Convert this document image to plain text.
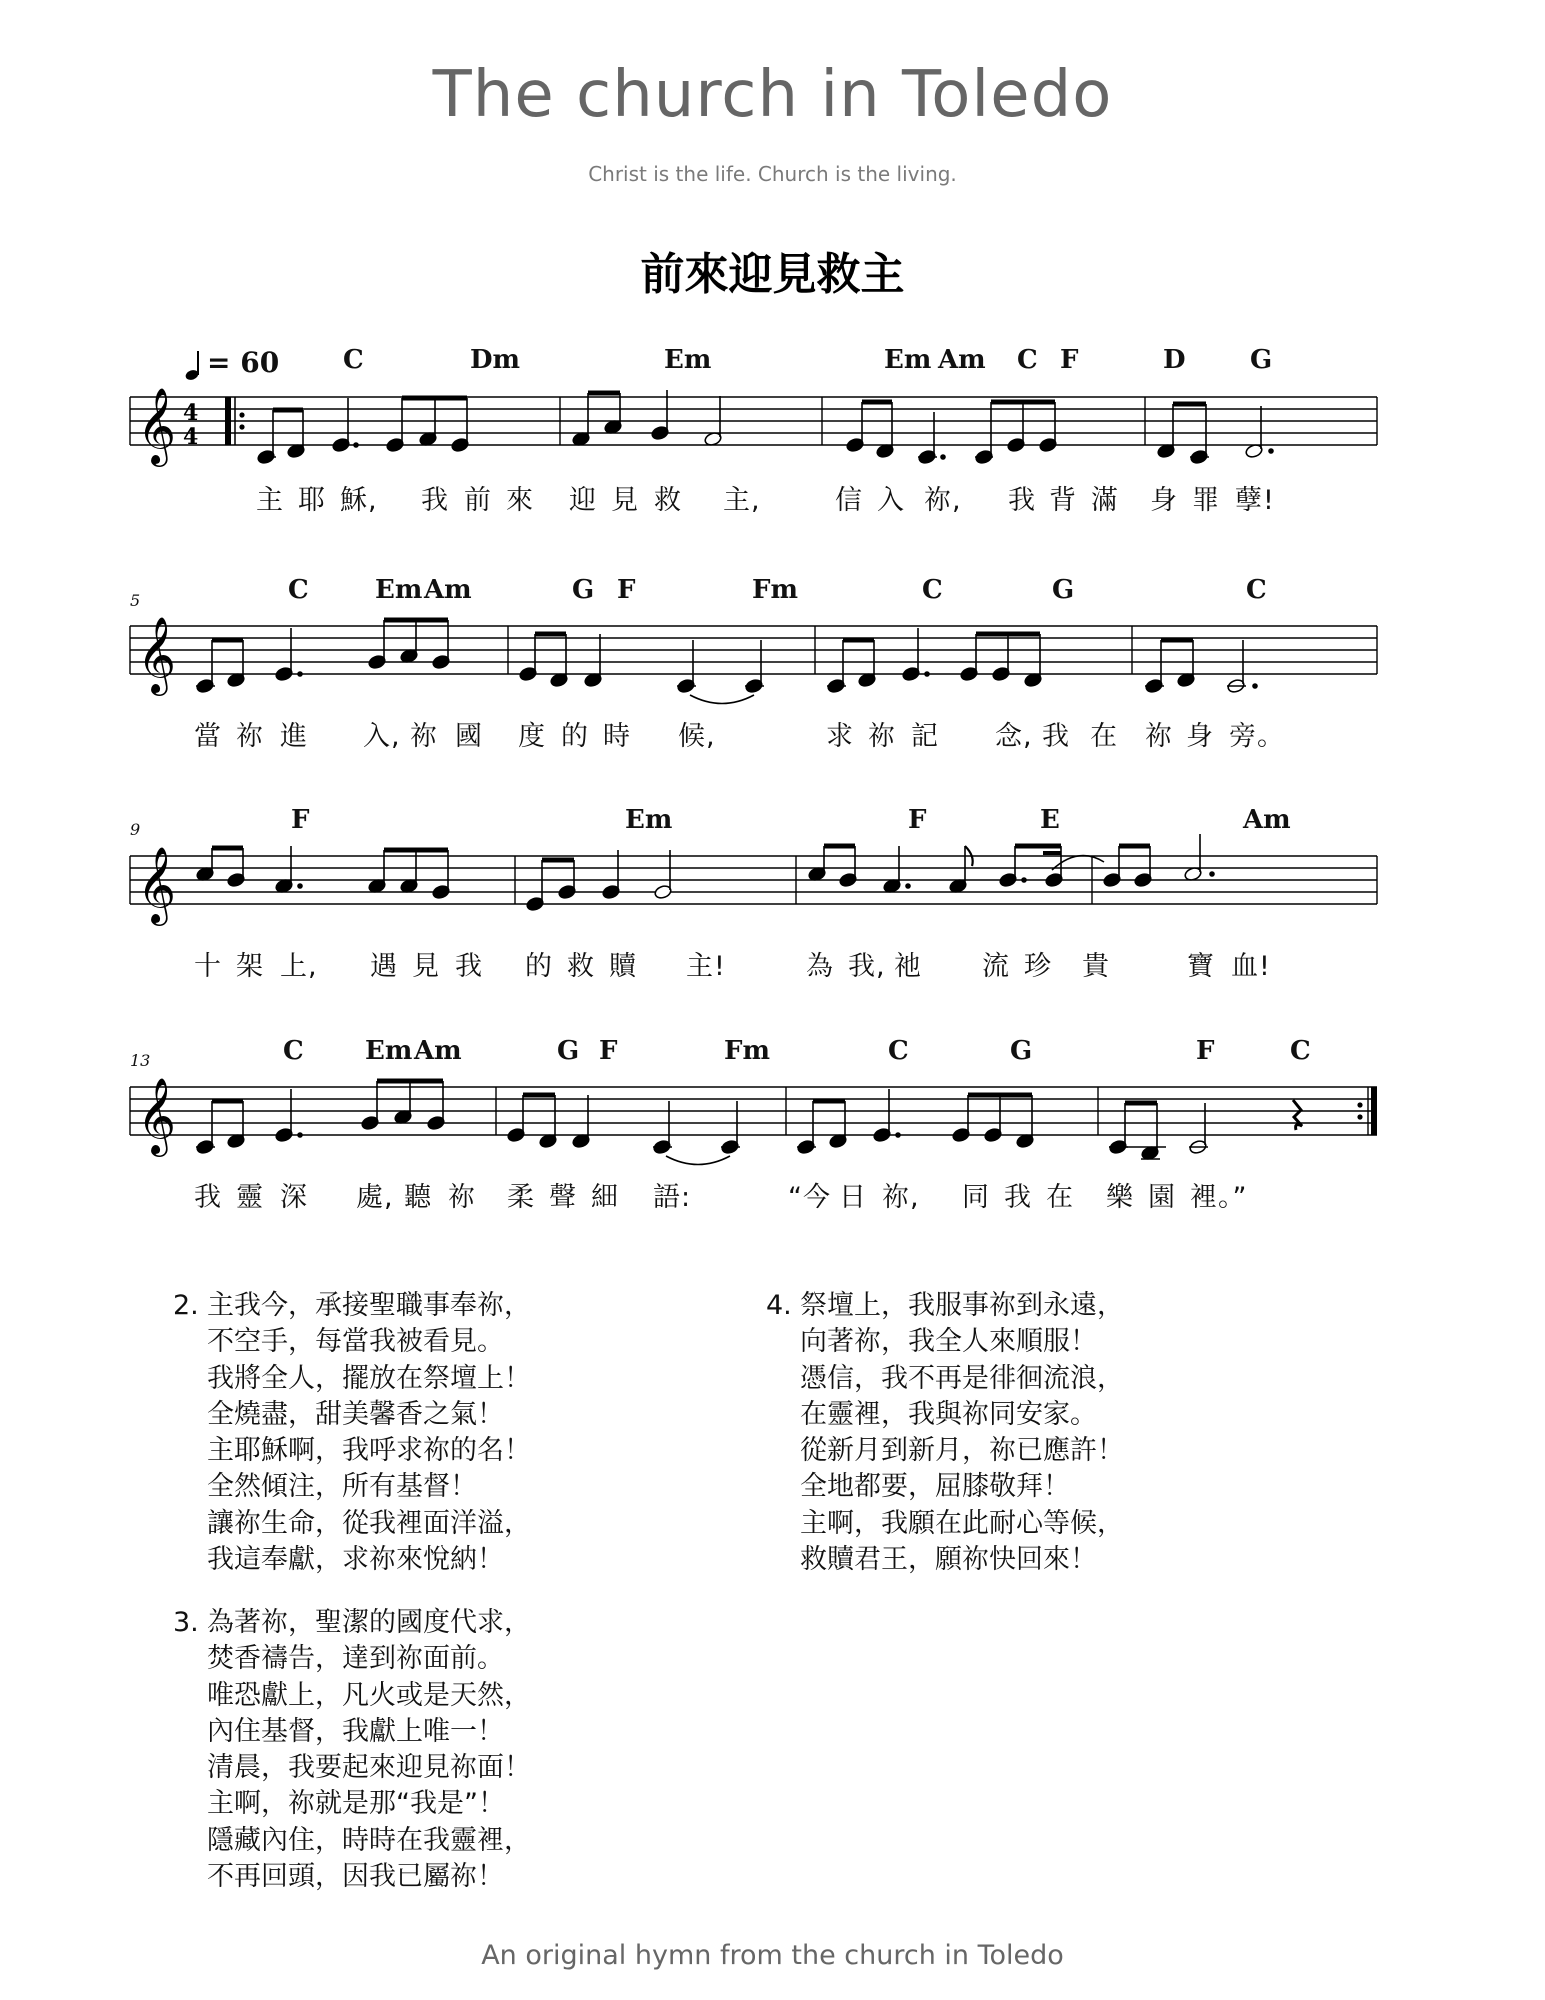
The church in Toledo
Christ is the life. Church is the living.
前來迎見救主
= 60
𝄞 4
4
C	Dm	Em	Em Am C F	D G
主 耶 穌, 我 前 來 迎 見 救 主,	信 入 祢, 我 背 滿 身 罪 孽!
𝄞
5	C	Em Am	G F	Fm	C	G	C
當 祢 進 入, 祢 國 度 的 時 候,	求 祢 記 念, 我 在 祢 身 旁。
𝄞
9	F	Em	F	E	Am
十 架 上, 遇 見 我 的 救 贖 主!	為 我, 祂 流 珍 貴	寶 血!
𝄞
13	C Em Am	G F	Fm	C	G	F	C
我 靈 深 處, 聽 祢 柔 聲 細 語:	“今 日 祢, 同 我 在 樂 園 裡。”
2. 主我今，承接聖職事奉祢，
不空手，每當我被看見。
我將全人，擺放在祭壇上！
全燒盡，甜美馨香之氣！
主耶穌啊，我呼求祢的名！
全然傾注，所有基督！
讓祢生命，從我裡面洋溢，
我這奉獻，求祢來悅納！
3. 為著祢，聖潔的國度代求，
焚香禱告，達到祢面前。
唯恐獻上，凡火或是天然，
內住基督，我獻上唯一！
清晨，我要起來迎見祢面！
主啊，祢就是那“我是”！
隱藏內住，時時在我靈裡，
不再回頭，因我已屬祢！
4. 祭壇上，我服事祢到永遠，
向著祢，我全人來順服！
憑信，我不再是徘徊流浪，
在靈裡，我與祢同安家。
從新月到新月，祢已應許！
全地都要，屈膝敬拜！
主啊，我願在此耐心等候，
救贖君王，願祢快回來！
An original hymn from the church in Toledo
